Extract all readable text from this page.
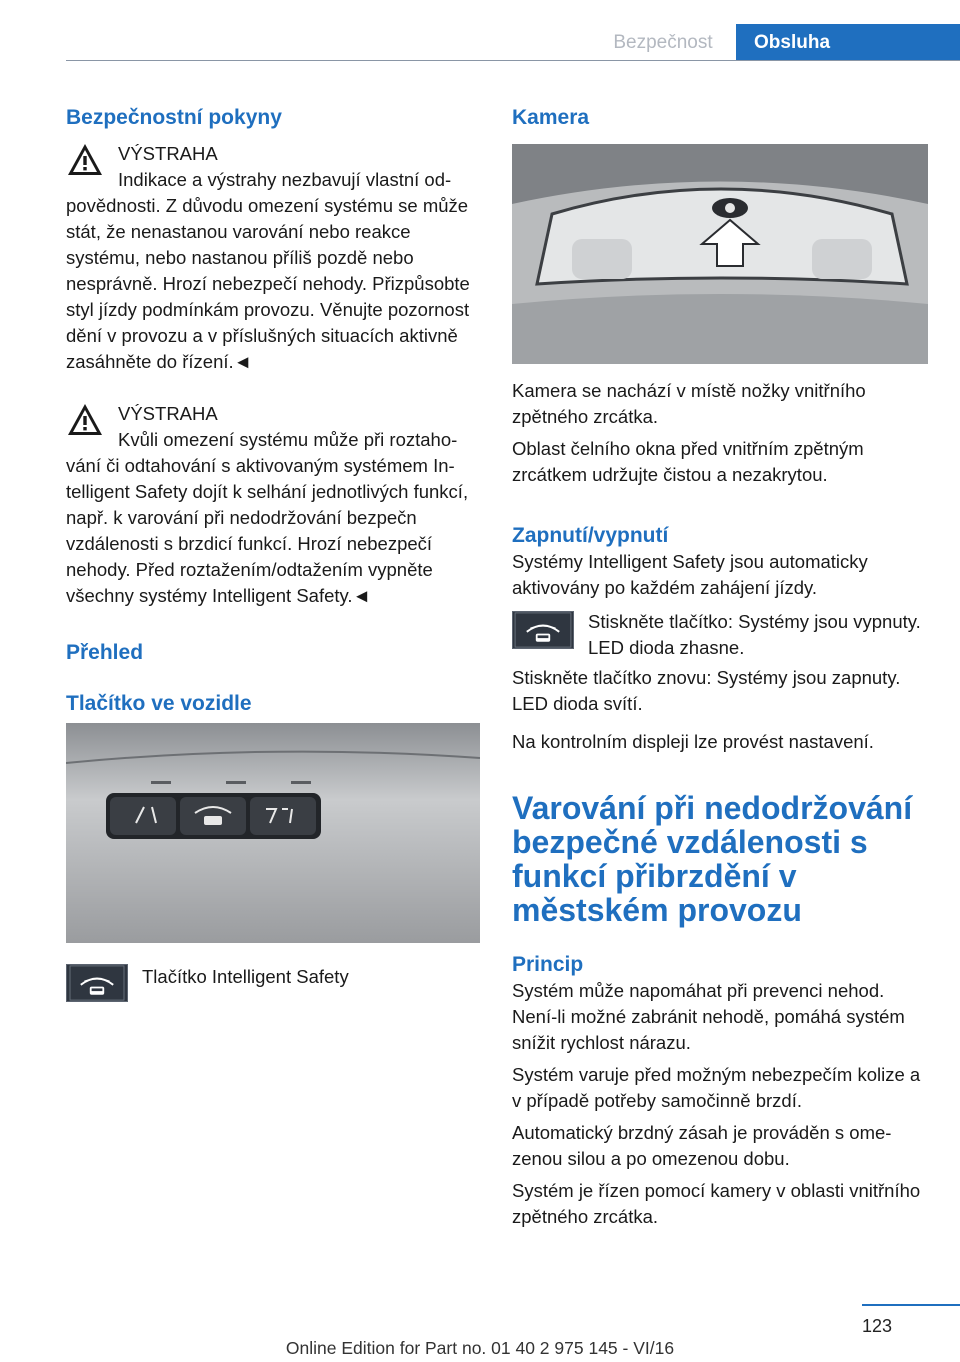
Bezpečnost	Obsluha
Bezpečnostní pokyny

VÝSTRAHA

Indikace a výstrahy nezbavují vlastní odpovědnosti. Z důvodu omezení systému se může stát, že nenastanou varování nebo reakce systému, nebo nastanou příliš pozdě nebo nesprávně. Hrozí nebezpečí nehody. Přizpůsobte styl jízdy podmínkám provozu. Věnujte pozornost dění v provozu a v příslušných situacích aktivně zasáhněte do řízení.◄

VÝSTRAHA

Kvůli omezení systému může při roztahování či odtahování s aktivovaným systémem Intelligent Safety dojít k selhání jednotlivých funkcí, např. k varování při nedodržování bezpečn vzdálenosti s brzdicí funkcí. Hrozí nebezpečí nehody. Před roztažením/odtažením vypněte všechny systémy Intelligent Safety.◄

Přehled
Tlačítko ve vozidle

Tlačítko Intelligent Safety

Kamera

Kamera se nachází v místě nožky vnitřního zpětného zrcátka.

Oblast čelního okna před vnitřním zpětným zrcátkem udržujte čistou a nezakrytou.

Zapnutí/vypnutí

Systémy Intelligent Safety jsou automaticky aktivovány po každém zahájení jízdy.

Stiskněte tlačítko: Systémy jsou vypnuty. LED dioda zhasne.

Stiskněte tlačítko znovu: Systémy jsou zapnuty. LED dioda svítí.

Na kontrolním displeji lze provést nastavení.

Varování při nedodržování bezpečné vzdálenosti s funkcí přibrzdění v městském provozu
Princip

Systém může napomáhat při prevenci nehod. Není-li možné zabránit nehodě, pomáhá systém snížit rychlost nárazu.

Systém varuje před možným nebezpečím kolize a v případě potřeby samočinně brzdí.

Automatický brzdný zásah je prováděn s omezenou silou a po omezenou dobu.

Systém je řízen pomocí kamery v oblasti vnitřního zpětného zrcátka.

123
Online Edition for Part no. 01 40 2 975 145 - VI/16
